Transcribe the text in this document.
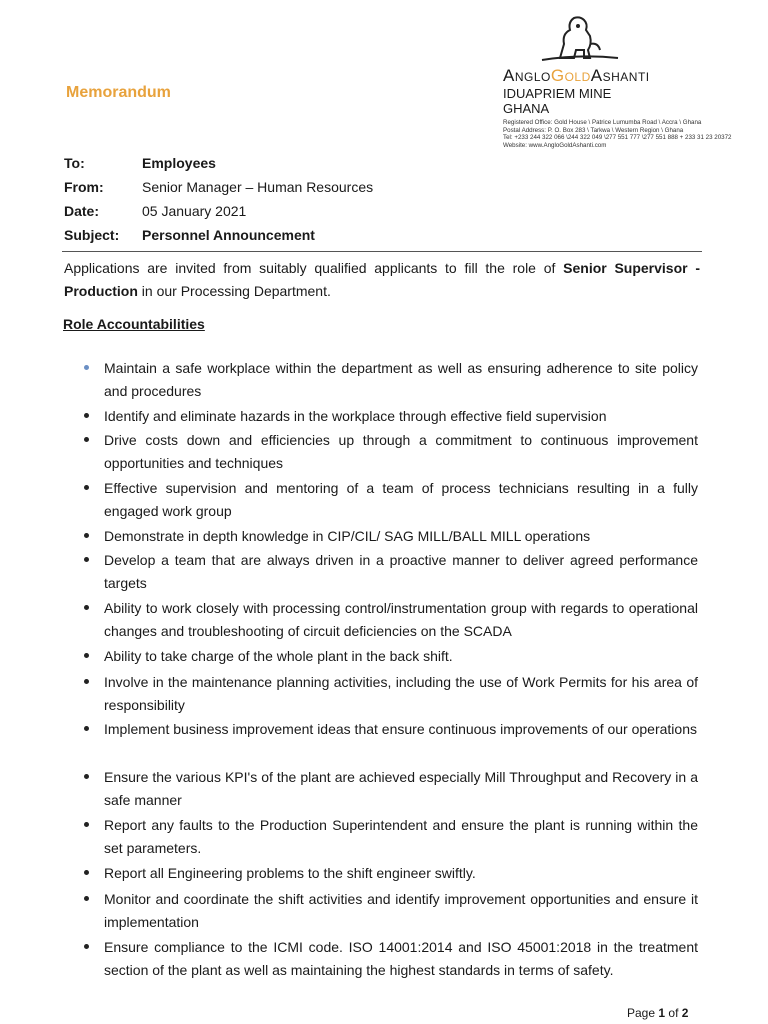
Memorandum
AngloGoldAshanti
IDUAPRIEM MINE
GHANA
Registered Office: Gold House \ Patrice Lumumba Road \ Accra \ Ghana
Postal Address: P. O. Box 283 \ Tarkwa \ Western Region \ Ghana
Tel: +233 244 322 066 \244 322 049 \277 551 777 \277 551 888 + 233 31 23 20372
Website: www.AngloGoldAshanti.com
To:	Employees
From:	Senior Manager – Human Resources
Date:	05 January 2021
Subject: Personnel Announcement
Applications are invited from suitably qualified applicants to fill the role of Senior Supervisor - Production in our Processing Department.
Role Accountabilities
Maintain a safe workplace within the department as well as ensuring adherence to site policy and procedures
Identify and eliminate hazards in the workplace through effective field supervision
Drive costs down and efficiencies up through a commitment to continuous improvement opportunities and techniques
Effective supervision and mentoring of a team of process technicians resulting in a fully engaged work group
Demonstrate in depth knowledge in CIP/CIL/ SAG MILL/BALL MILL operations
Develop a team that are always driven in a proactive manner to deliver agreed performance targets
Ability to work closely with processing control/instrumentation group with regards to operational changes and troubleshooting of circuit deficiencies on the SCADA
Ability to take charge of the whole plant in the back shift.
Involve in the maintenance planning activities, including the use of Work Permits for his area of responsibility
Implement business improvement ideas that ensure continuous improvements of our operations
Ensure the various KPI's of the plant are achieved especially Mill Throughput and Recovery in a safe manner
Report any faults to the Production Superintendent and ensure the plant is running within the set parameters.
Report all Engineering problems to the shift engineer swiftly.
Monitor and coordinate the shift activities and identify improvement opportunities and ensure it implementation
Ensure compliance to the ICMI code. ISO 14001:2014 and ISO 45001:2018 in the treatment section of the plant as well as maintaining the highest standards in terms of safety.
Page 1 of 2
